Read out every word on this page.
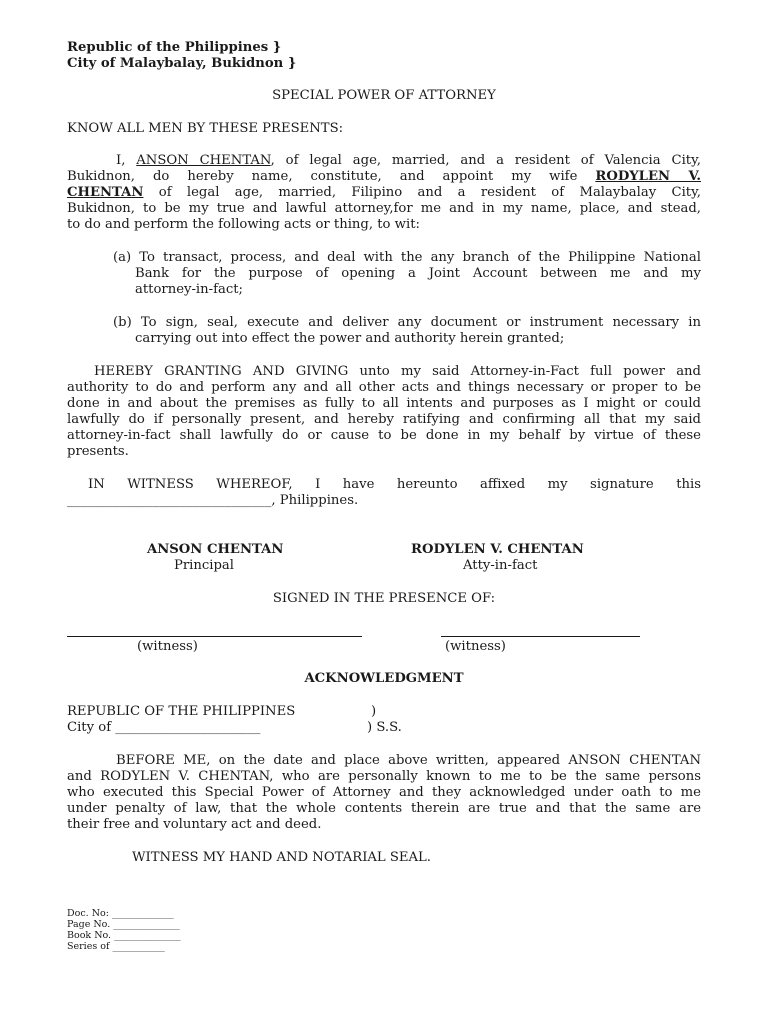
Republic of the Philippines }
City of Malaybalay, Bukidnon }
SPECIAL POWER OF ATTORNEY
KNOW ALL MEN BY THESE PRESENTS:
I, ANSON CHENTAN, of legal age, married, and a resident of Valencia City,
Bukidnon, do hereby name, constitute, and appoint my wife RODYLEN V.
CHENTAN of legal age, married, Filipino and a resident of Malaybalay City,
Bukidnon, to be my true and lawful attorney,for me and in my name, place, and stead,
to do and perform the following acts or thing, to wit:
(a) To transact, process, and deal with the any branch of the Philippine National
Bank for the purpose of opening a Joint Account between me and my
attorney-in-fact;
(b) To sign, seal, execute and deliver any document or instrument necessary in
carrying out into effect the power and authority herein granted;
HEREBY GRANTING AND GIVING unto my said Attorney-in-Fact full power and
authority to do and perform any and all other acts and things necessary or proper to be
done in and about the premises as fully to all intents and purposes as I might or could
lawfully do if personally present, and hereby ratifying and confirming all that my said
attorney-in-fact shall lawfully do or cause to be done in my behalf by virtue of these
presents.
IN WITNESS WHEREOF, I have hereunto affixed my signature this
_______________________________, Philippines.
ANSON CHENTAN
Principal
RODYLEN V. CHENTAN
Atty-in-fact
SIGNED IN THE PRESENCE OF:
(witness)	(witness)
ACKNOWLEDGMENT
REPUBLIC OF THE PHILIPPINES	)
City of ______________________	) S.S.
BEFORE ME, on the date and place above written, appeared ANSON CHENTAN
and RODYLEN V. CHENTAN, who are personally known to me to be the same persons
who executed this Special Power of Attorney and they acknowledged under oath to me
under penalty of law, that the whole contents therein are true and that the same are
their free and voluntary act and deed.
WITNESS MY HAND AND NOTARIAL SEAL.
Doc. No: _____________
Page No. ______________
Book No. ______________
Series of ___________
